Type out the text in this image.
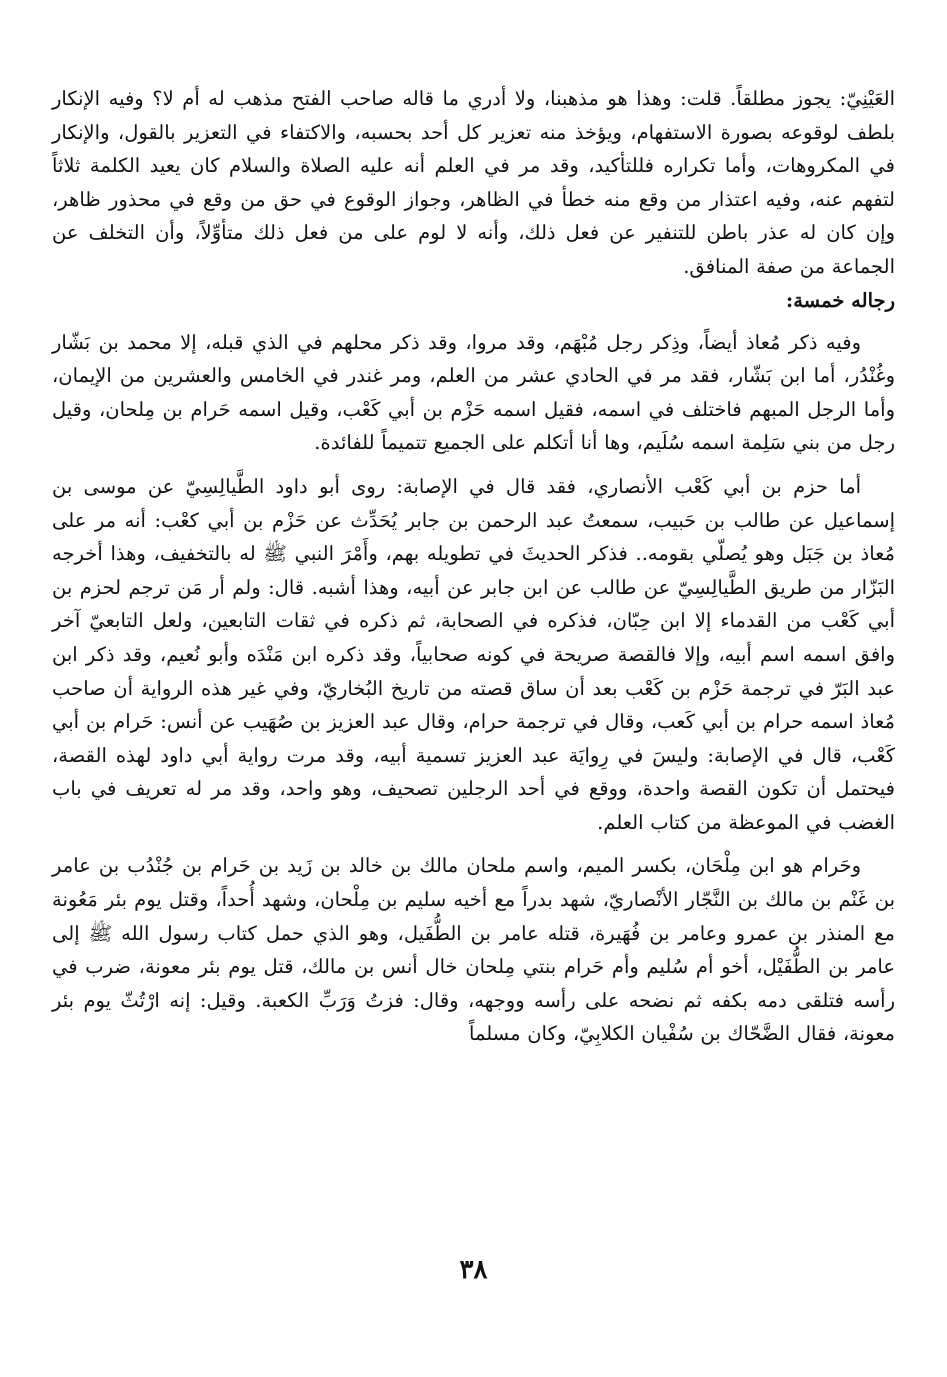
العَيْنِيّ: يجوز مطلقاً. قلت: وهذا هو مذهبنا، ولا أدري ما قاله صاحب الفتح مذهب له أم لا؟ وفيه الإنكار بلطف لوقوعه بصورة الاستفهام، ويؤخذ منه تعزير كل أحد بحسبه، والاكتفاء في التعزير بالقول، والإنكار في المكروهات، وأما تكراره فللتأكيد، وقد مر في العلم أنه عليه الصلاة والسلام كان يعيد الكلمة ثلاثاً لتفهم عنه، وفيه اعتذار من وقع منه خطأ في الظاهر، وجواز الوقوع في حق من وقع في محذور ظاهر، وإن كان له عذر باطن للتنفير عن فعل ذلك، وأنه لا لوم على من فعل ذلك متأوِّلاً، وأن التخلف عن الجماعة من صفة المنافق.

رجاله خمسة:

وفيه ذكر مُعاذ أيضاً، وذِكر رجل مُبْهَم، وقد مروا، وقد ذكر محلهم في الذي قبله، إلا محمد بن بَشّار وغُنْدُر، أما ابن بَشّار، فقد مر في الحادي عشر من العلم، ومر غندر في الخامس والعشرين من الإيمان، وأما الرجل المبهم فاختلف في اسمه، فقيل اسمه حَزْم بن أبي كَعْب، وقيل اسمه حَرام بن مِلحان، وقيل رجل من بني سَلِمة اسمه سُلَيم، وها أنا أتكلم على الجميع تتميماً للفائدة.

أما حزم بن أبي كَعْب الأنصاري، فقد قال في الإصابة: روى أبو داود الطَّيالِسِيّ عن موسى بن إسماعيل عن طالب بن حَبيب، سمعتُ عبد الرحمن بن جابر يُحَدِّث عن حَزْم بن أبي كعْب: أنه مر على مُعاذ بن جَبَل وهو يُصلّي بقومه.. فذكر الحديثَ في تطويله بهم، وأَمْرَ النبي ﷺ له بالتخفيف، وهذا أخرجه البَزّار من طريق الطَّيالِسِيّ عن طالب عن ابن جابر عن أبيه، وهذا أشبه. قال: ولم أر مَن ترجم لحزم بن أبي كَعْب من القدماء إلا ابن حِبّان، فذكره في الصحابة، ثم ذكره في ثقات التابعين، ولعل التابعيّ آخر وافق اسمه اسم أبيه، وإلا فالقصة صريحة في كونه صحابياً، وقد ذكره ابن مَنْدَه وأبو نُعيم، وقد ذكر ابن عبد البَرّ في ترجمة حَزْم بن كَعْب بعد أن ساق قصته من تاريخ البُخاريّ، وفي غير هذه الرواية أن صاحب مُعاذ اسمه حرام بن أبي كَعب، وقال في ترجمة حرام، وقال عبد العزيز بن صُهَيب عن أنس: حَرام بن أبي كَعْب، قال في الإصابة: وليسَ في رِوايَة عبد العزيز تسمية أبيه، وقد مرت رواية أبي داود لهذه القصة، فيحتمل أن تكون القصة واحدة، ووقع في أحد الرجلين تصحيف، وهو واحد، وقد مر له تعريف في باب الغضب في الموعظة من كتاب العلم.

وحَرام هو ابن مِلْحَان، بكسر الميم، واسم ملحان مالك بن خالد بن زَيد بن حَرام بن جُنْدُب بن عامر بن غَنْم بن مالك بن النَّجّار الأنْصاريّ، شهد بدراً مع أخيه سليم بن مِلْحان، وشهد أُحداً، وقتل يوم بئر مَعُونة مع المنذر بن عمرو وعامر بن فُهَيرة، قتله عامر بن الطُّفَيل، وهو الذي حمل كتاب رسول الله ﷺ إلى عامر بن الطُّفَيْل، أخو أم سُليم وأم حَرام بنتي مِلحان خال أنس بن مالك، قتل يوم بئر معونة، ضرب في رأسه فتلقى دمه بكفه ثم نضحه على رأسه ووجهه، وقال: فزتُ وَرَبِّ الكعبة. وقيل: إنه ارْتُثّ يوم بئر معونة، فقال الضَّحّاك بن سُفْيان الكلابِيّ، وكان مسلماً

٣٨
